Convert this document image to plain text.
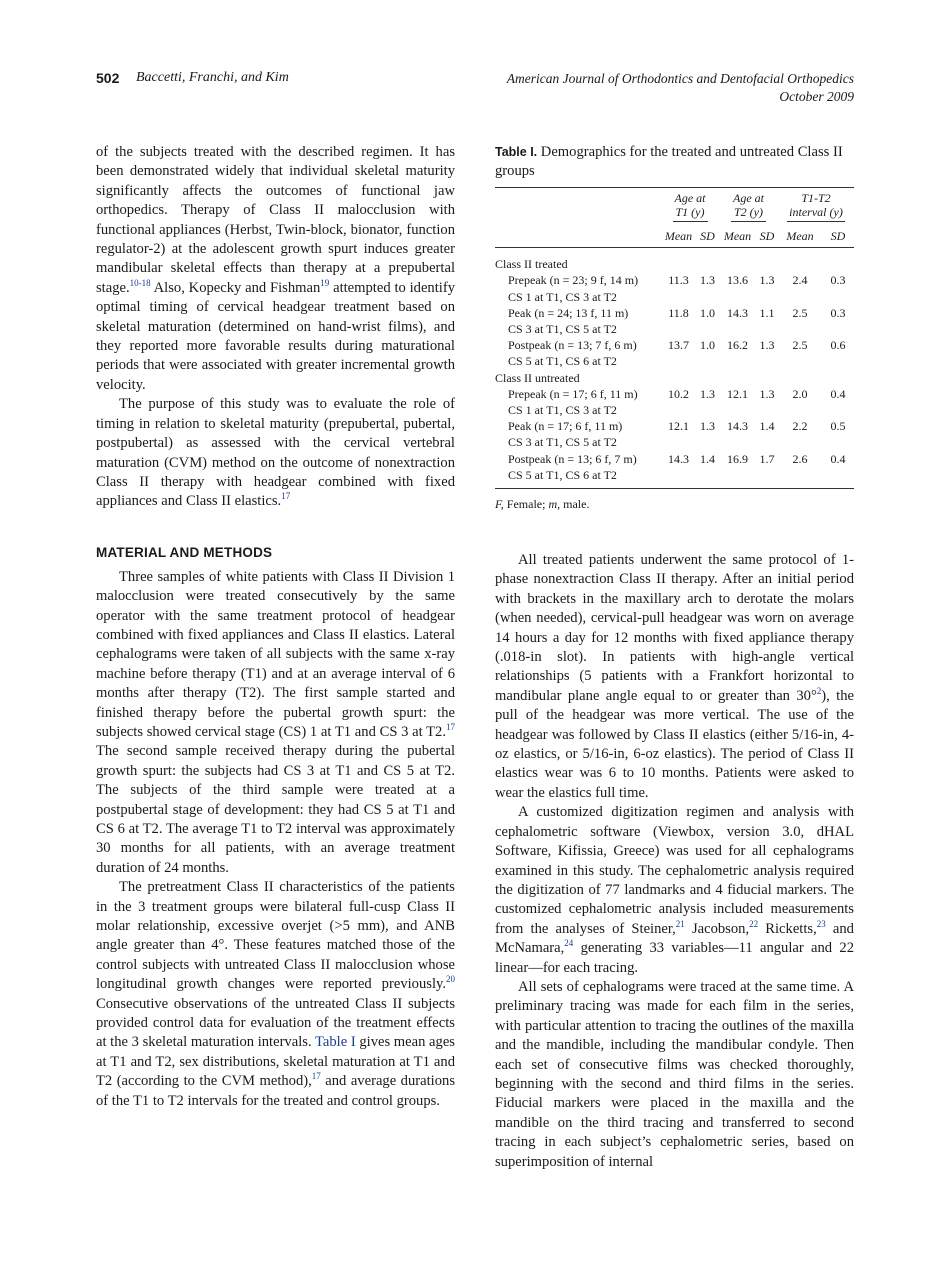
502 Baccetti, Franchi, and Kim	American Journal of Orthodontics and Dentofacial Orthopedics
October 2009

of the subjects treated with the described regimen. It has been demonstrated widely that individual skeletal maturity significantly affects the outcomes of functional jaw orthopedics. Therapy of Class II malocclusion with functional appliances (Herbst, Twin-block, bionator, function regulator-2) at the adolescent growth spurt induces greater mandibular skeletal effects than therapy at a prepubertal stage.$^{10-18}$ Also, Kopecky and Fishman$^{19}$ attempted to identify optimal timing of cervical headgear treatment based on skeletal maturation (determined on hand-wrist films), and they reported more favorable results during maturational periods that were associated with greater incremental growth velocity.

The purpose of this study was to evaluate the role of timing in relation to skeletal maturity (prepubertal, pubertal, postpubertal) as assessed with the cervical vertebral maturation (CVM) method on the outcome of nonextraction Class II therapy with headgear combined with fixed appliances and Class II elastics.$^{17}$

MATERIAL AND METHODS

Three samples of white patients with Class II Division 1 malocclusion were treated consecutively by the same operator with the same treatment protocol of headgear combined with fixed appliances and Class II elastics. Lateral cephalograms were taken of all subjects with the same x-ray machine before therapy (T1) and at an average interval of 6 months after therapy (T2). The first sample started and finished therapy before the pubertal growth spurt: the subjects showed cervical stage (CS) 1 at T1 and CS 3 at T2.17 The second sample received therapy during the pubertal growth spurt: the subjects had CS 3 at T1 and CS 5 at T2. The subjects of the third sample were treated at a postpubertal stage of development: they had CS 5 at T1 and CS 6 at T2. The average T1 to T2 interval was approximately 30 months for all patients, with an average treatment duration of 24 months.

The pretreatment Class II characteristics of the patients in the 3 treatment groups were bilateral full-cusp Class II molar relationship, excessive overjet (>5 mm), and ANB angle greater than 4°. These features matched those of the control subjects with untreated Class II malocclusion whose longitudinal growth changes were reported previously.$^{20}$ Consecutive observations of the untreated Class II subjects provided control data for evaluation of the treatment effects at the 3 skeletal maturation intervals. Table I gives mean ages at T1 and T2, sex distributions, skeletal maturation at T1 and T2 (according to the CVM method),$^{17}$ and average durations of the T1 to T2 intervals for the treated and control groups.

Table I. Demographics for the treated and untreated Class II groups

	Age at
T1 (y)		Age at
T2 (y)		T1-T2
interval (y)	
	Mean	SD	Mean	SD	Mean	SD

Class II treated						

Prepeak (n = 23; 9 f, 14 m)
CS 1 at T1, CS 3 at T2	11.3	1.3	13.6	1.3	2.4	0.3

Peak (n = 24; 13 f, 11 m)
CS 3 at T1, CS 5 at T2	11.8	1.0	14.3	1.1	2.5	0.3

Postpeak (n = 13; 7 f, 6 m)
CS 5 at T1, CS 6 at T2	13.7	1.0	16.2	1.3	2.5	0.6
Class II untreated						

Prepeak (n = 17; 6 f, 11 m)
CS 1 at T1, CS 3 at T2	10.2	1.3	12.1	1.3	2.0	0.4

Peak (n = 17; 6 f, 11 m)
CS 3 at T1, CS 5 at T2	12.1	1.3	14.3	1.4	2.2	0.5

Postpeak (n = 13; 6 f, 7 m)
CS 5 at T1, CS 6 at T2	14.3	1.4	16.9	1.7	2.6	0.4

F, Female; m, male.

All treated patients underwent the same protocol of 1-phase nonextraction Class II therapy. After an initial period with brackets in the maxillary arch to derotate the molars (when needed), cervical-pull headgear was worn on average 14 hours a day for 12 months with fixed appliance therapy (.018-in slot). In patients with high-angle vertical relationships (5 patients with a Frankfort horizontal to mandibular plane angle equal to or greater than 30°$^2$), the pull of the headgear was more vertical. The use of the headgear was followed by Class II elastics (either 5/16-in, 4-oz elastics, or 5/16-in, 6-oz elastics). The period of Class II elastics wear was 6 to 10 months. Patients were asked to wear the elastics full time.

A customized digitization regimen and analysis with cephalometric software (Viewbox, version 3.0, dHAL Software, Kifissia, Greece) was used for all cephalograms examined in this study. The cephalometric analysis required the digitization of 77 landmarks and 4 fiducial markers. The customized cephalometric analysis included measurements from the analyses of Steiner,$^{21}$ Jacobson,$^{22}$ Ricketts,$^{23}$ and McNamara,$^{24}$ generating 33 variables—11 angular and 22 linear—for each tracing.

All sets of cephalograms were traced at the same time. A preliminary tracing was made for each film in the series, with particular attention to tracing the outlines of the maxilla and the mandible, including the mandibular condyle. Then each set of consecutive films was checked thoroughly, beginning with the second and third films in the series. Fiducial markers were placed in the maxilla and the mandible on the third tracing and transferred to second tracing in each subject’s cephalometric series, based on superimposition of internal
